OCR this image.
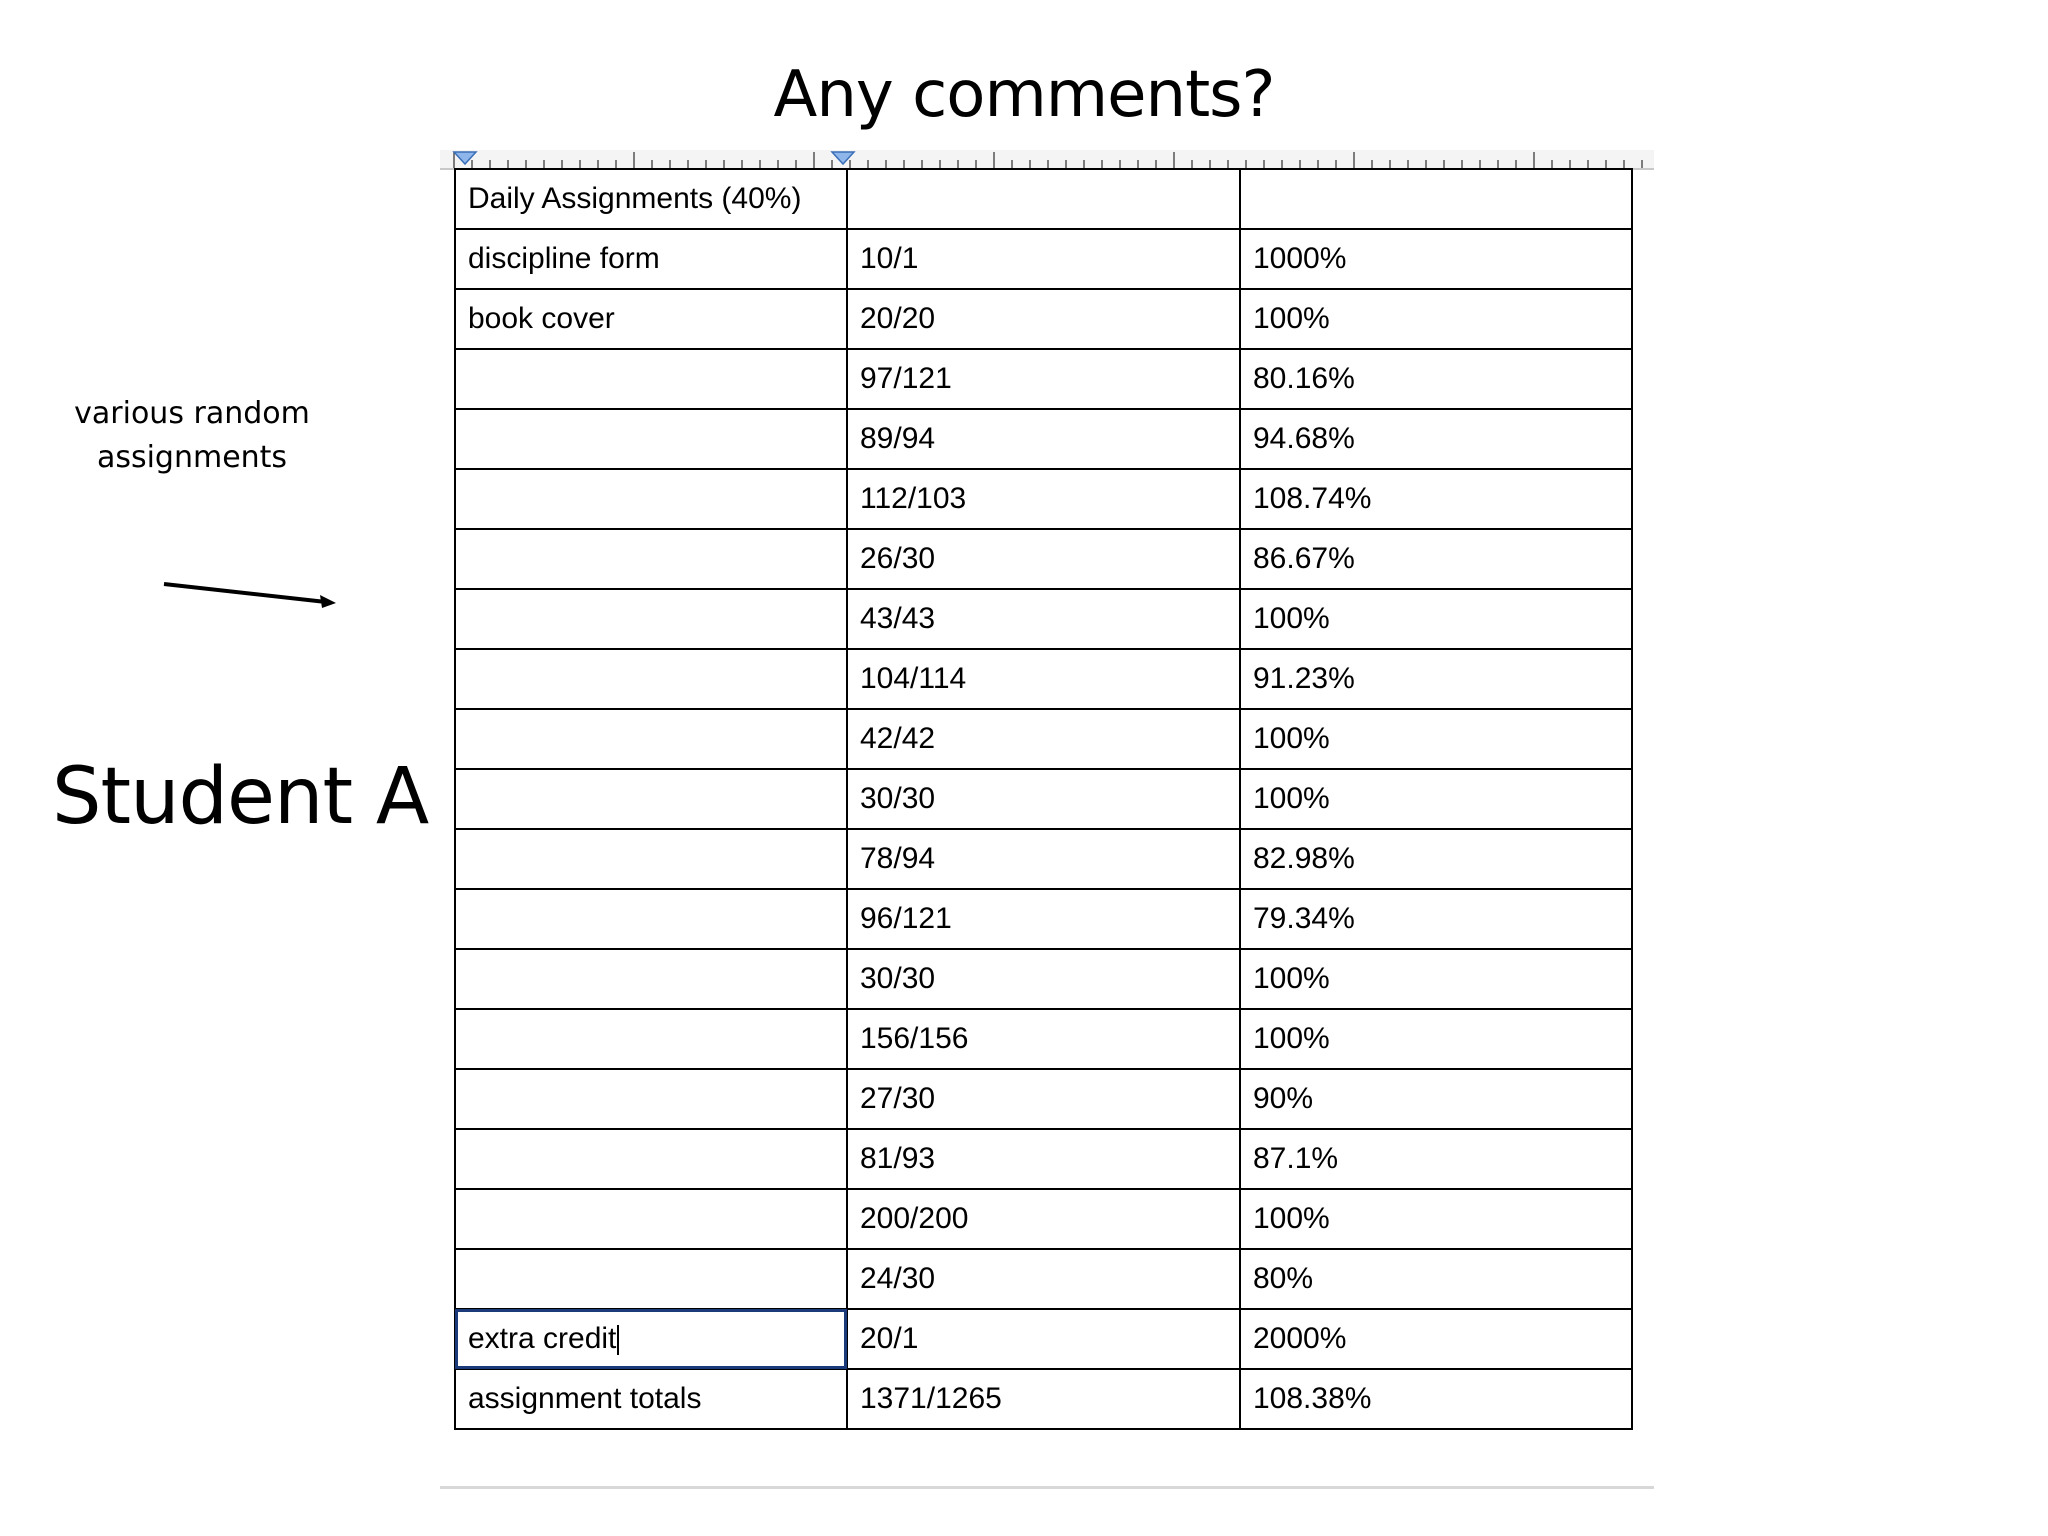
Any comments?
various random assignments
Student A
Daily Assignments (40%)		
discipline form	10/1	1000%
book cover	20/20	100%
	97/121	80.16%
	89/94	94.68%
	112/103	108.74%
	26/30	86.67%
	43/43	100%
	104/114	91.23%
	42/42	100%
	30/30	100%
	78/94	82.98%
	96/121	79.34%
	30/30	100%
	156/156	100%
	27/30	90%
	81/93	87.1%
	200/200	100%
	24/30	80%
extra credit	20/1	2000%
assignment totals	1371/1265	108.38%
